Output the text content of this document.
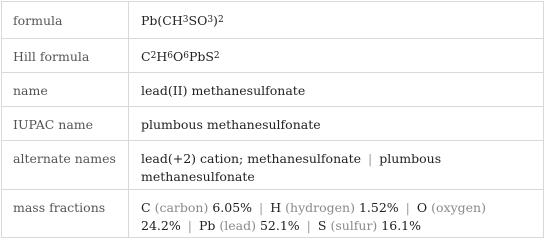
formula	Pb(CH 3 SO 3 ) 2
Hill formula	C 2 H 6 O 6 PbS 2
name	lead(II) methanesulfonate
IUPAC name	plumbous methanesulfonate
alternate names	lead(+2) cation; methanesulfonate | plumbous
methanesulfonate
mass fractions	C (carbon) 6.05% | H (hydrogen) 1.52% | O (oxygen)
24.2% | Pb (lead) 52.1% | S (sulfur) 16.1%
